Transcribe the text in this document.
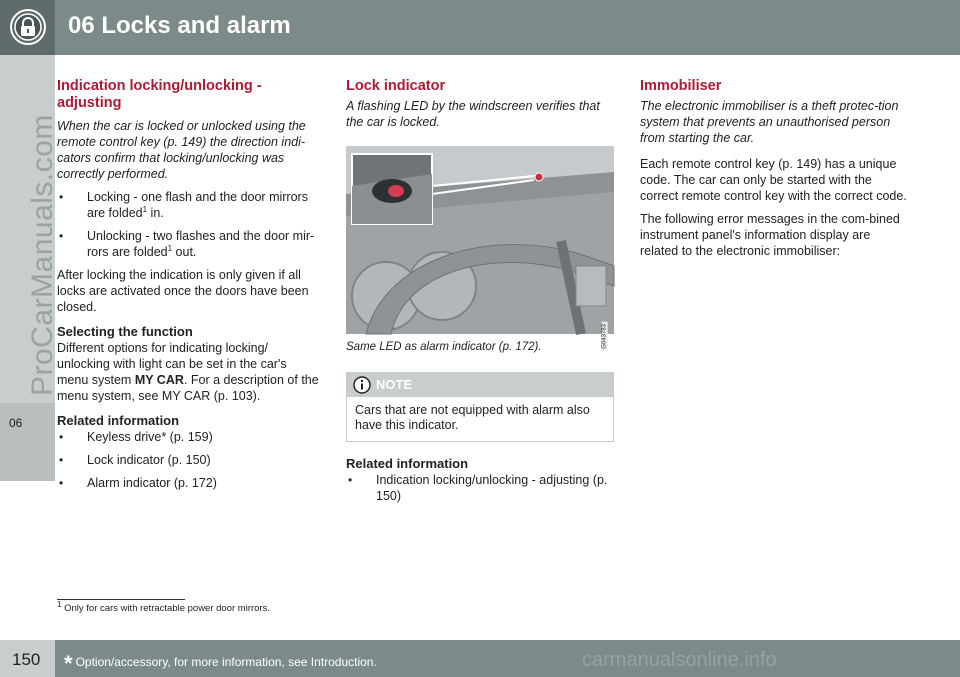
06 Locks and alarm
06
ProCarManuals.com
Indication locking/unlocking - adjusting
When the car is locked or unlocked using the remote control key (p. 149) the direction indi-cators confirm that locking/unlocking was correctly performed.
• Locking - one flash and the door mirrors are folded$^1$ in.
• Unlocking - two flashes and the door mir-rors are folded$^1$ out.

After locking the indication is only given if all locks are activated once the doors have been closed.

Selecting the function

Different options for indicating locking/ unlocking with light can be set in the car's menu system MY CAR. For a description of the menu system, see MY CAR (p. 103).

Related information
• Keyless drive* (p. 159)
• Lock indicator (p. 150)
• Alarm indicator (p. 172)
Lock indicator
A flashing LED by the windscreen verifies that the car is locked.
G043783
Same LED as alarm indicator (p. 172).
NOTE
Cars that are not equipped with alarm also have this indicator.
Related information
• Indication locking/unlocking - adjusting (p. 150)
Immobiliser
The electronic immobiliser is a theft protec-tion system that prevents an unauthorised person from starting the car.

Each remote control key (p. 149) has a unique code. The car can only be started with the correct remote control key with the correct code.

The following error messages in the com-bined instrument panel's information display are related to the electronic immobiliser:

$^1$ Only for cars with retractable power door mirrors.
150 * Option/accessory, for more information, see Introduction.	carmanualsonline.info
